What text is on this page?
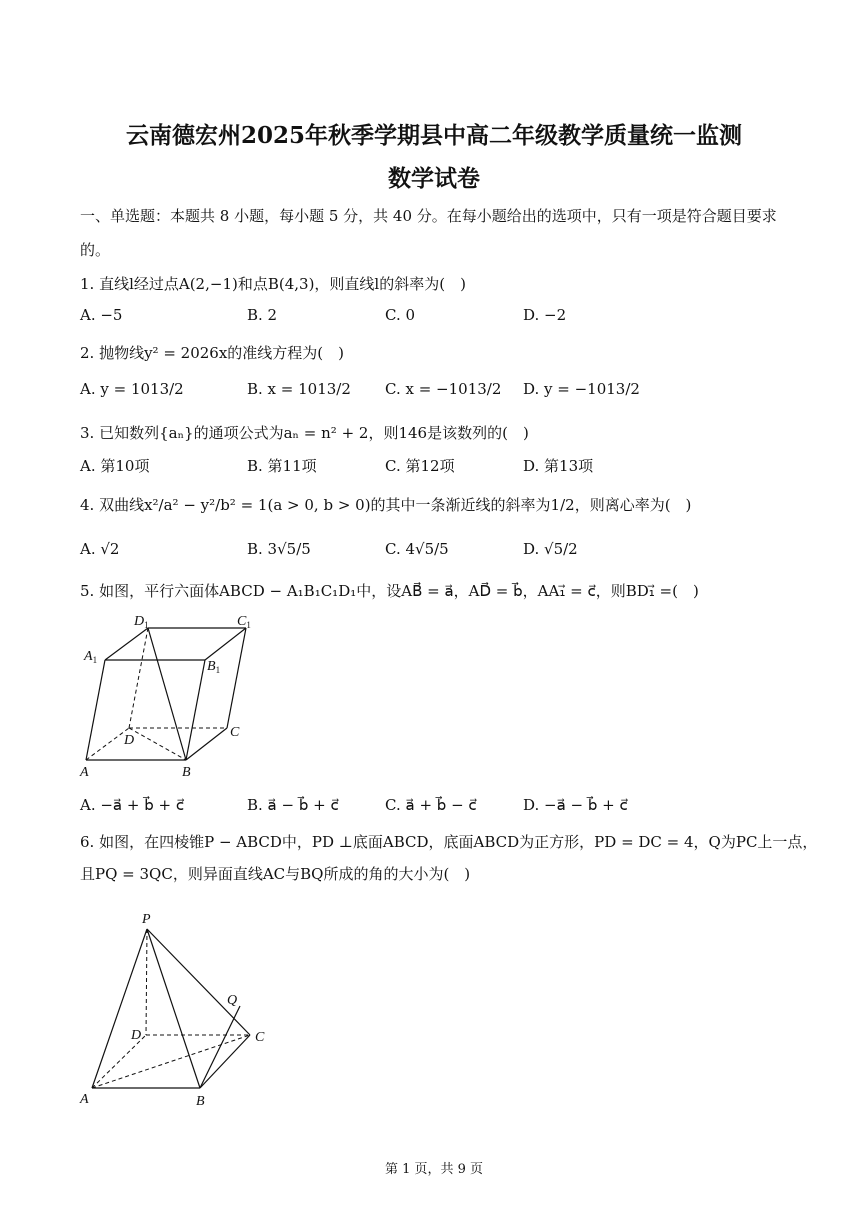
云南德宏州2025年秋季学期县中高二年级教学质量统一监测
数学试卷
一、单选题：本题共 8 小题，每小题 5 分，共 40 分。在每小题给出的选项中，只有一项是符合题目要求
的。
1. 直线l经过点A(2,−1)和点B(4,3)，则直线l的斜率为(　)
A. −5	B. 2	C. 0	D. −2
2. 抛物线y² = 2026x的准线方程为(　)
A. y = 1013/2	B. x = 1013/2 C. x = −1013/2 D. y = −1013/2
3. 已知数列{aₙ}的通项公式为aₙ = n² + 2，则146是该数列的(　)
A. 第10项	B. 第11项	C. 第12项	D. 第13项
4. 双曲线x²/a² − y²/b² = 1(a > 0, b > 0)的其中一条渐近线的斜率为1/2，则离心率为(　)
A. √2	B. 3√5/5	C. 4√5/5	D. √5/2
5. 如图，平行六面体ABCD − A₁B₁C₁D₁中，设AB⃗ = a⃗，AD⃗ = b⃗，AA₁⃗ = c⃗，则BD₁⃗ =(　)
$D_1$	$C_1$
$A_1$	$B_1$
D
C
A	B
A. −a⃗ + b⃗ + c⃗	B. a⃗ − b⃗ + c⃗	C. a⃗ + b⃗ − c⃗	D. −a⃗ − b⃗ + c⃗
6. 如图，在四棱锥P − ABCD中，PD ⊥底面ABCD，底面ABCD为正方形，PD = DC = 4，Q为PC上一点，
且PQ = 3QC，则异面直线AC与BQ所成的角的大小为(　)
P
Q
D	C
A	B
第 1 页，共 9 页
